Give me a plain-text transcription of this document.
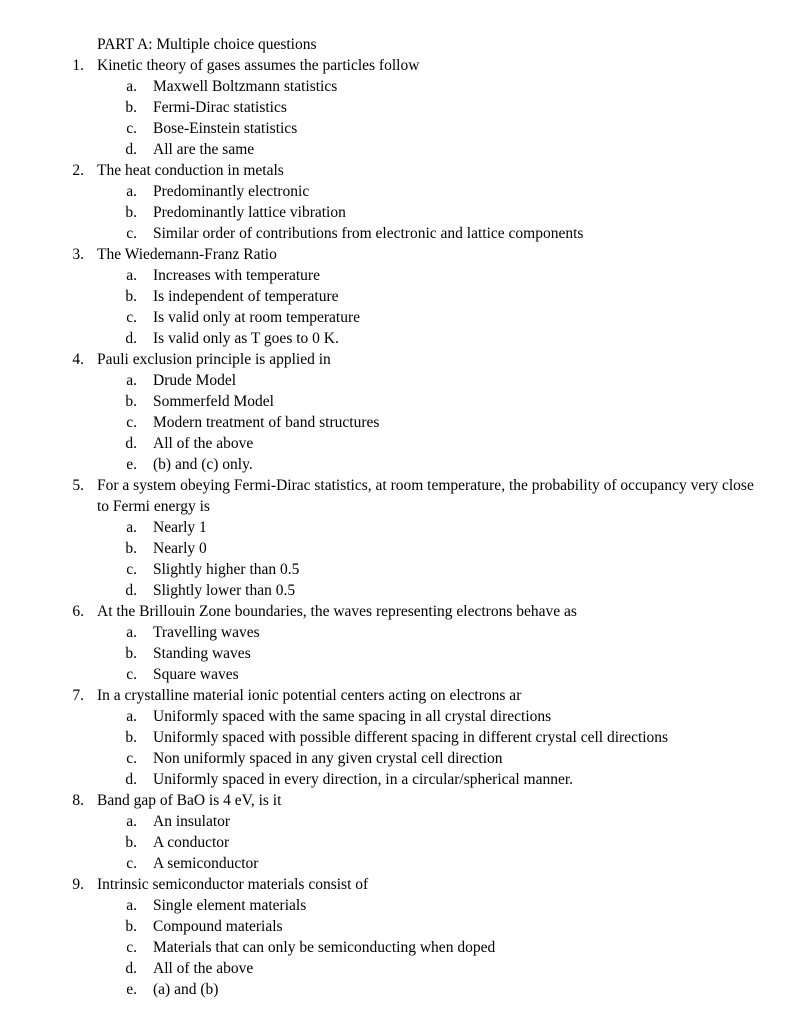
PART A: Multiple choice questions
1. Kinetic theory of gases assumes the particles follow
a. Maxwell Boltzmann statistics
b. Fermi-Dirac statistics
c. Bose-Einstein statistics
d. All are the same
2. The heat conduction in metals
a. Predominantly electronic
b. Predominantly lattice vibration
c. Similar order of contributions from electronic and lattice components
3. The Wiedemann-Franz Ratio
a. Increases with temperature
b. Is independent of temperature
c. Is valid only at room temperature
d. Is valid only as T goes to 0 K.
4. Pauli exclusion principle is applied in
a. Drude Model
b. Sommerfeld Model
c. Modern treatment of band structures
d. All of the above
e. (b) and (c) only.
5. For a system obeying Fermi-Dirac statistics, at room temperature, the probability of occupancy very close to Fermi energy is
a. Nearly 1
b. Nearly 0
c. Slightly higher than 0.5
d. Slightly lower than 0.5
6. At the Brillouin Zone boundaries, the waves representing electrons behave as
a. Travelling waves
b. Standing waves
c. Square waves
7. In a crystalline material ionic potential centers acting on electrons ar
a. Uniformly spaced with the same spacing in all crystal directions
b. Uniformly spaced with possible different spacing in different crystal cell directions
c. Non uniformly spaced in any given crystal cell direction
d. Uniformly spaced in every direction, in a circular/spherical manner.
8. Band gap of BaO is 4 eV, is it
a. An insulator
b. A conductor
c. A semiconductor
9. Intrinsic semiconductor materials consist of
a. Single element materials
b. Compound materials
c. Materials that can only be semiconducting when doped
d. All of the above
e. (a) and (b)
